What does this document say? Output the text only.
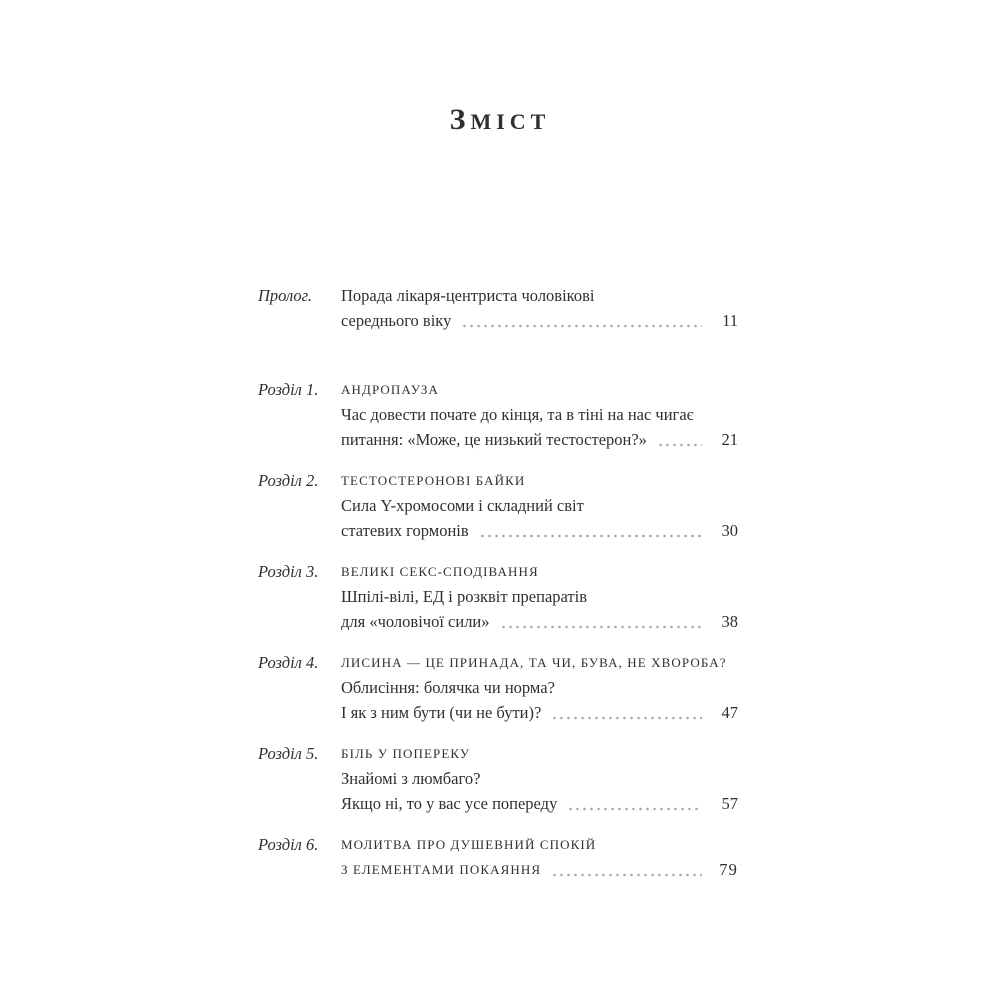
ЗМІСТ
Пролог.	Порада лікаря-центриста чоловікові
середнього віку	11
Розділ 1.	АНДРОПАУЗА
Час довести почате до кінця, та в тіні на нас чигає
питання: «Може, це низький тестостерон?»	21
Розділ 2.	ТЕСТОСТЕРОНОВІ БАЙКИ
Сила Y-хромосоми і складний світ
статевих гормонів	30
Розділ 3.	ВЕЛИКІ СЕКС-СПОДІВАННЯ
Шпілі-вілі, ЕД і розквіт препаратів
для «чоловічої сили»	38
Розділ 4.	ЛИСИНА — ЦЕ ПРИНАДА, ТА ЧИ, БУВА, НЕ ХВОРОБА?
Облисіння: болячка чи норма?
І як з ним бути (чи не бути)?	47
Розділ 5.	БІЛЬ У ПОПЕРЕКУ
Знайомі з люмбаго?
Якщо ні, то у вас усе попереду	57
Розділ 6.	МОЛИТВА ПРО ДУШЕВНИЙ СПОКІЙ
З ЕЛЕМЕНТАМИ ПОКАЯННЯ	79
